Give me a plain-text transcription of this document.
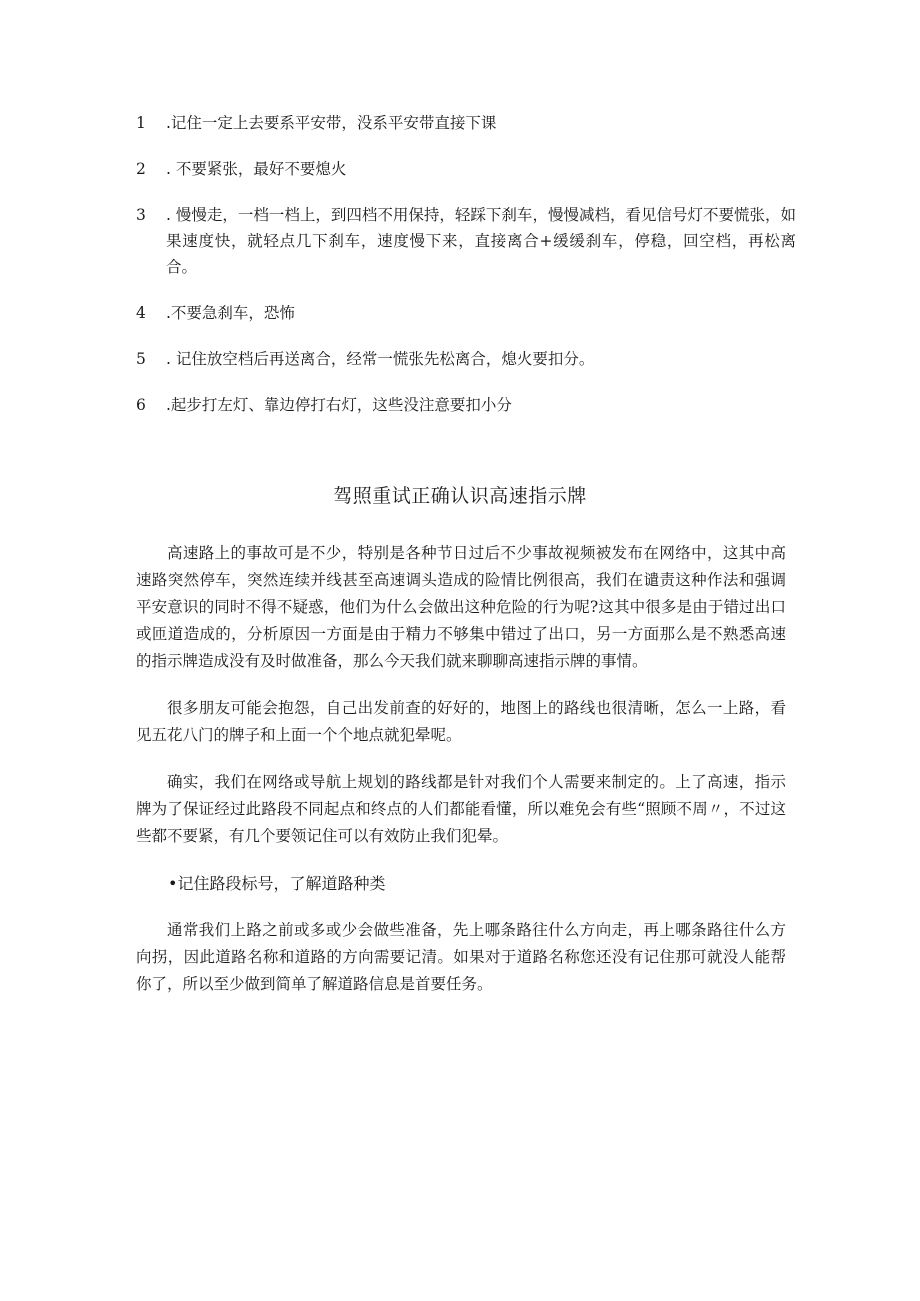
1	.记住一定上去要系平安带，没系平安带直接下课
2	. 不要紧张，最好不要熄火
3	. 慢慢走，一档一档上，到四档不用保持，轻踩下刹车，慢慢减档，看见信号灯不要慌张，如果速度快，就轻点几下刹车，速度慢下来，直接离合+缓缓刹车，停稳，回空档，再松离合。
4	.不要急刹车，恐怖
5	. 记住放空档后再送离合，经常一慌张先松离合，熄火要扣分。
6	.起步打左灯、靠边停打右灯，这些没注意要扣小分
驾照重试正确认识高速指示牌

高速路上的事故可是不少，特别是各种节日过后不少事故视频被发布在网络中，这其中高速路突然停车，突然连续并线甚至高速调头造成的险情比例很高，我们在谴责这种作法和强调平安意识的同时不得不疑惑，他们为什么会做出这种危险的行为呢?这其中很多是由于错过出口或匝道造成的，分析原因一方面是由于精力不够集中错过了出口，另一方面那么是不熟悉高速的指示牌造成没有及时做准备，那么今天我们就来聊聊高速指示牌的事情。

很多朋友可能会抱怨，自己出发前查的好好的，地图上的路线也很清晰，怎么一上路，看见五花八门的牌子和上面一个个地点就犯晕呢。

确实，我们在网络或导航上规划的路线都是针对我们个人需要来制定的。上了高速，指示牌为了保证经过此路段不同起点和终点的人们都能看懂，所以难免会有些“照顾不周〃，不过这些都不要紧，有几个要领记住可以有效防止我们犯晕。

•记住路段标号，了解道路种类

通常我们上路之前或多或少会做些准备，先上哪条路往什么方向走，再上哪条路往什么方向拐，因此道路名称和道路的方向需要记清。如果对于道路名称您还没有记住那可就没人能帮你了，所以至少做到简单了解道路信息是首要任务。
